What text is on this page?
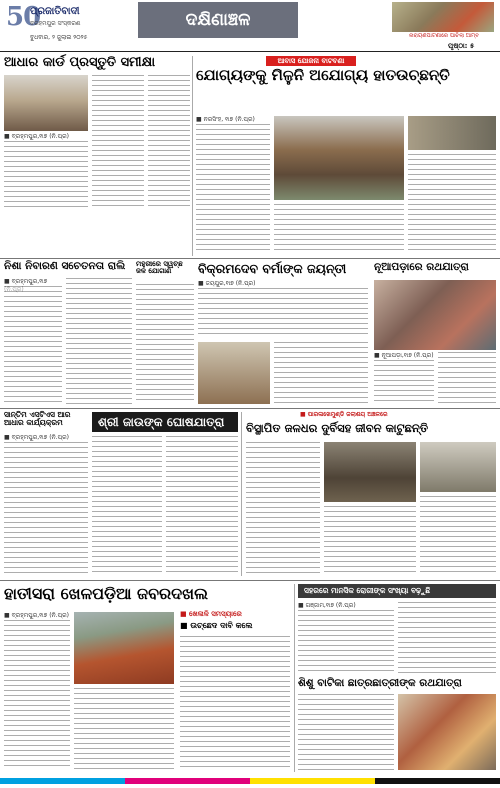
50
ପ୍ରଜାତିବାଦୀ
ବରହମପୁର ସଂସ୍କରଣ
ବୁଧବାର, ୨ ଜୁଲାଇ ୨୦୨୫
ଦକ୍ଷିଣାଞ୍ଚଳ
ନାରାୟଣପାଟଣାରେ ପାଚିଲା ଆମ୍ବ
ପୃଷ୍ଠା: ୫
ଆଧାର କାର୍ଡ ପ୍ରସ୍ତୁତି ସମୀକ୍ଷା
■ ବ୍ରହ୍ମପୁର,୧ା୭ (ନି.ପ୍ର)
ଆବାସ ଯୋଜନା ବାଟବଣା
ଯୋଗ୍ୟଙ୍କୁ ମିଳୁନି ଅଯୋଗ୍ୟ ହାତଉଚ୍ଛନ୍ତି
■ ନରସିଂହ, ୧ା୭ (ନି.ପ୍ର)
ନିଶା ନିବାରଣ ସଚେତନତା ରାଲି
■ ବ୍ରହ୍ମପୁର,୧ା୭
ମହୁରୀରେ ସ୍ୱଚ୍ଛ ଜଳ ଯୋଗାଣ	ବିକ୍ରମଦେବ ବର୍ମାଙ୍କ ଜୟନ୍ତୀ
■ ଜୟପୁର,୧ା୭ (ନି.ପ୍ର)
ନୂଆପଡ଼ାରେ ରଥଯାତ୍ରା
■ ନୂଆପଡ଼ା,୧ା୭ (ନି.ପ୍ର)
ସାନ୍ତିମ ଏସଟିଏସ ଆର ଆଧାର କାର୍ଯ୍ୟକ୍ରମ
■ ବ୍ରହ୍ମପୁର,୧ା୭ (ନି.ପ୍ର)
ଶ୍ରୀ ଜାଉଙ୍କ ଘୋଷଯାତ୍ରା	■ ପାରଳାଖେମୁଣ୍ଡି ଜଲାଶୟ ଅଞ୍ଚଳରେ
ବିସ୍ଥାପିତ ଜଳଧର ଦୁର୍ବିସହ ଜୀବନ କାଟୁଛନ୍ତି
ହାତୀସରା ଖେଳପଡ଼ିଆ ଜବରଦଖଲ
■ ବ୍ରହ୍ମପୁର,୧ା୭ (ନି.ପ୍ର)	■ ଖେଳାଳି ସମସ୍ୟାରେ
■ ଉଚ୍ଛେଦ ଦାବି କଲେ
ସହରରେ ମାନସିକ ରୋଗୀଙ୍କ ସଂଖ୍ୟା ବଢ଼ୁଛି
■ ଗଞ୍ଜାମ,୧ା୭ (ନି.ପ୍ର)
ଶିଶୁ ବାଟିକା ଛାତ୍ରଛାତ୍ରୀଙ୍କ ରଥଯାତ୍ରା
